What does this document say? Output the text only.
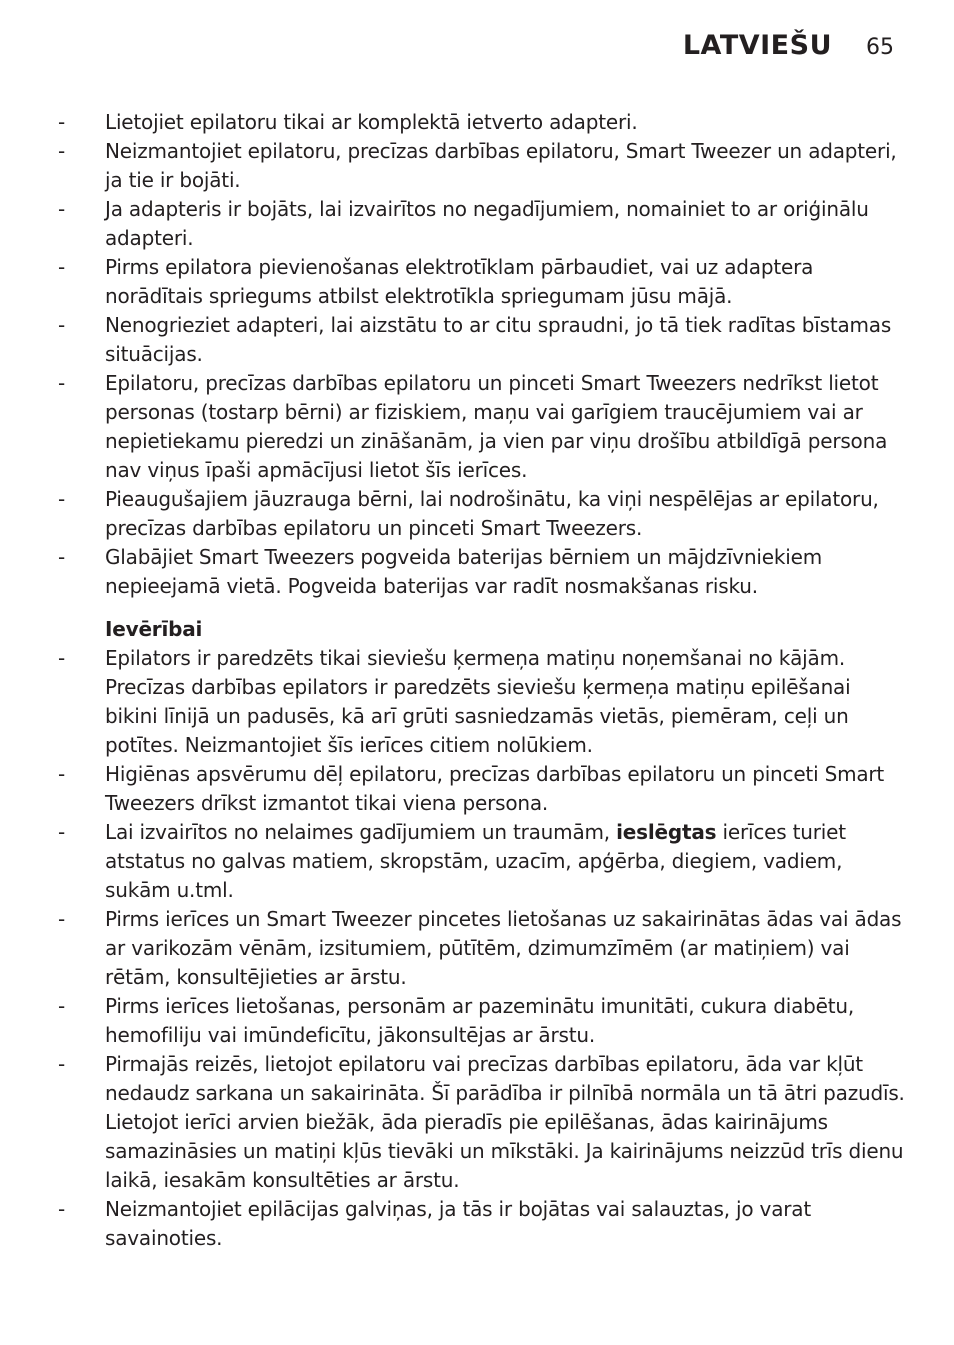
LATVIEŠU 65
- Lietojiet epilatoru tikai ar komplektā ietverto adapteri.
- Neizmantojiet epilatoru, precīzas darbības epilatoru, Smart Tweezer un adapteri, ja tie ir bojāti.
- Ja adapteris ir bojāts, lai izvairītos no negadījumiem, nomainiet to ar oriģinālu adapteri.
- Pirms epilatora pievienošanas elektrotīklam pārbaudiet, vai uz adaptera norādītais spriegums atbilst elektrotīkla spriegumam jūsu mājā.
- Nenogrieziet adapteri, lai aizstātu to ar citu spraudni, jo tā tiek radītas bīstamas situācijas.
- Epilatoru, precīzas darbības epilatoru un pinceti Smart Tweezers nedrīkst lietot personas (tostarp bērni) ar fiziskiem, maņu vai garīgiem traucējumiem vai ar nepietiekamu pieredzi un zināšanām, ja vien par viņu drošību atbildīgā persona nav viņus īpaši apmācījusi lietot šīs ierīces.
- Pieaugušajiem jāuzrauga bērni, lai nodrošinātu, ka viņi nespēlējas ar epilatoru, precīzas darbības epilatoru un pinceti Smart Tweezers.
- Glabājiet Smart Tweezers pogveida baterijas bērniem un mājdzīvniekiem nepieejamā vietā. Pogveida baterijas var radīt nosmakšanas risku.
Ievērībai
- Epilators ir paredzēts tikai sieviešu ķermeņa matiņu noņemšanai no kājām. Precīzas darbības epilators ir paredzēts sieviešu ķermeņa matiņu epilēšanai bikini līnijā un padusēs, kā arī grūti sasniedzamās vietās, piemēram, ceļi un potītes. Neizmantojiet šīs ierīces citiem nolūkiem.
- Higiēnas apsvērumu dēļ epilatoru, precīzas darbības epilatoru un pinceti Smart Tweezers drīkst izmantot tikai viena persona.
- Lai izvairītos no nelaimes gadījumiem un traumām, ieslēgtas ierīces turiet atstatus no galvas matiem, skropstām, uzacīm, apģērba, diegiem, vadiem, sukām u.tml.
- Pirms ierīces un Smart Tweezer pincetes lietošanas uz sakairinātas ādas vai ādas ar varikozām vēnām, izsitumiem, pūtītēm, dzimumzīmēm (ar matiņiem) vai rētām, konsultējieties ar ārstu.
- Pirms ierīces lietošanas, personām ar pazeminātu imunitāti, cukura diabētu, hemofiliju vai imūndeficītu, jākonsultējas ar ārstu.
- Pirmajās reizēs, lietojot epilatoru vai precīzas darbības epilatoru, āda var kļūt nedaudz sarkana un sakairināta. Šī parādība ir pilnībā normāla un tā ātri pazudīs. Lietojot ierīci arvien biežāk, āda pieradīs pie epilēšanas, ādas kairinājums samazināsies un matiņi kļūs tievāki un mīkstāki. Ja kairinājums neizzūd trīs dienu laikā, iesakām konsultēties ar ārstu.
- Neizmantojiet epilācijas galviņas, ja tās ir bojātas vai salauztas, jo varat savainoties.
